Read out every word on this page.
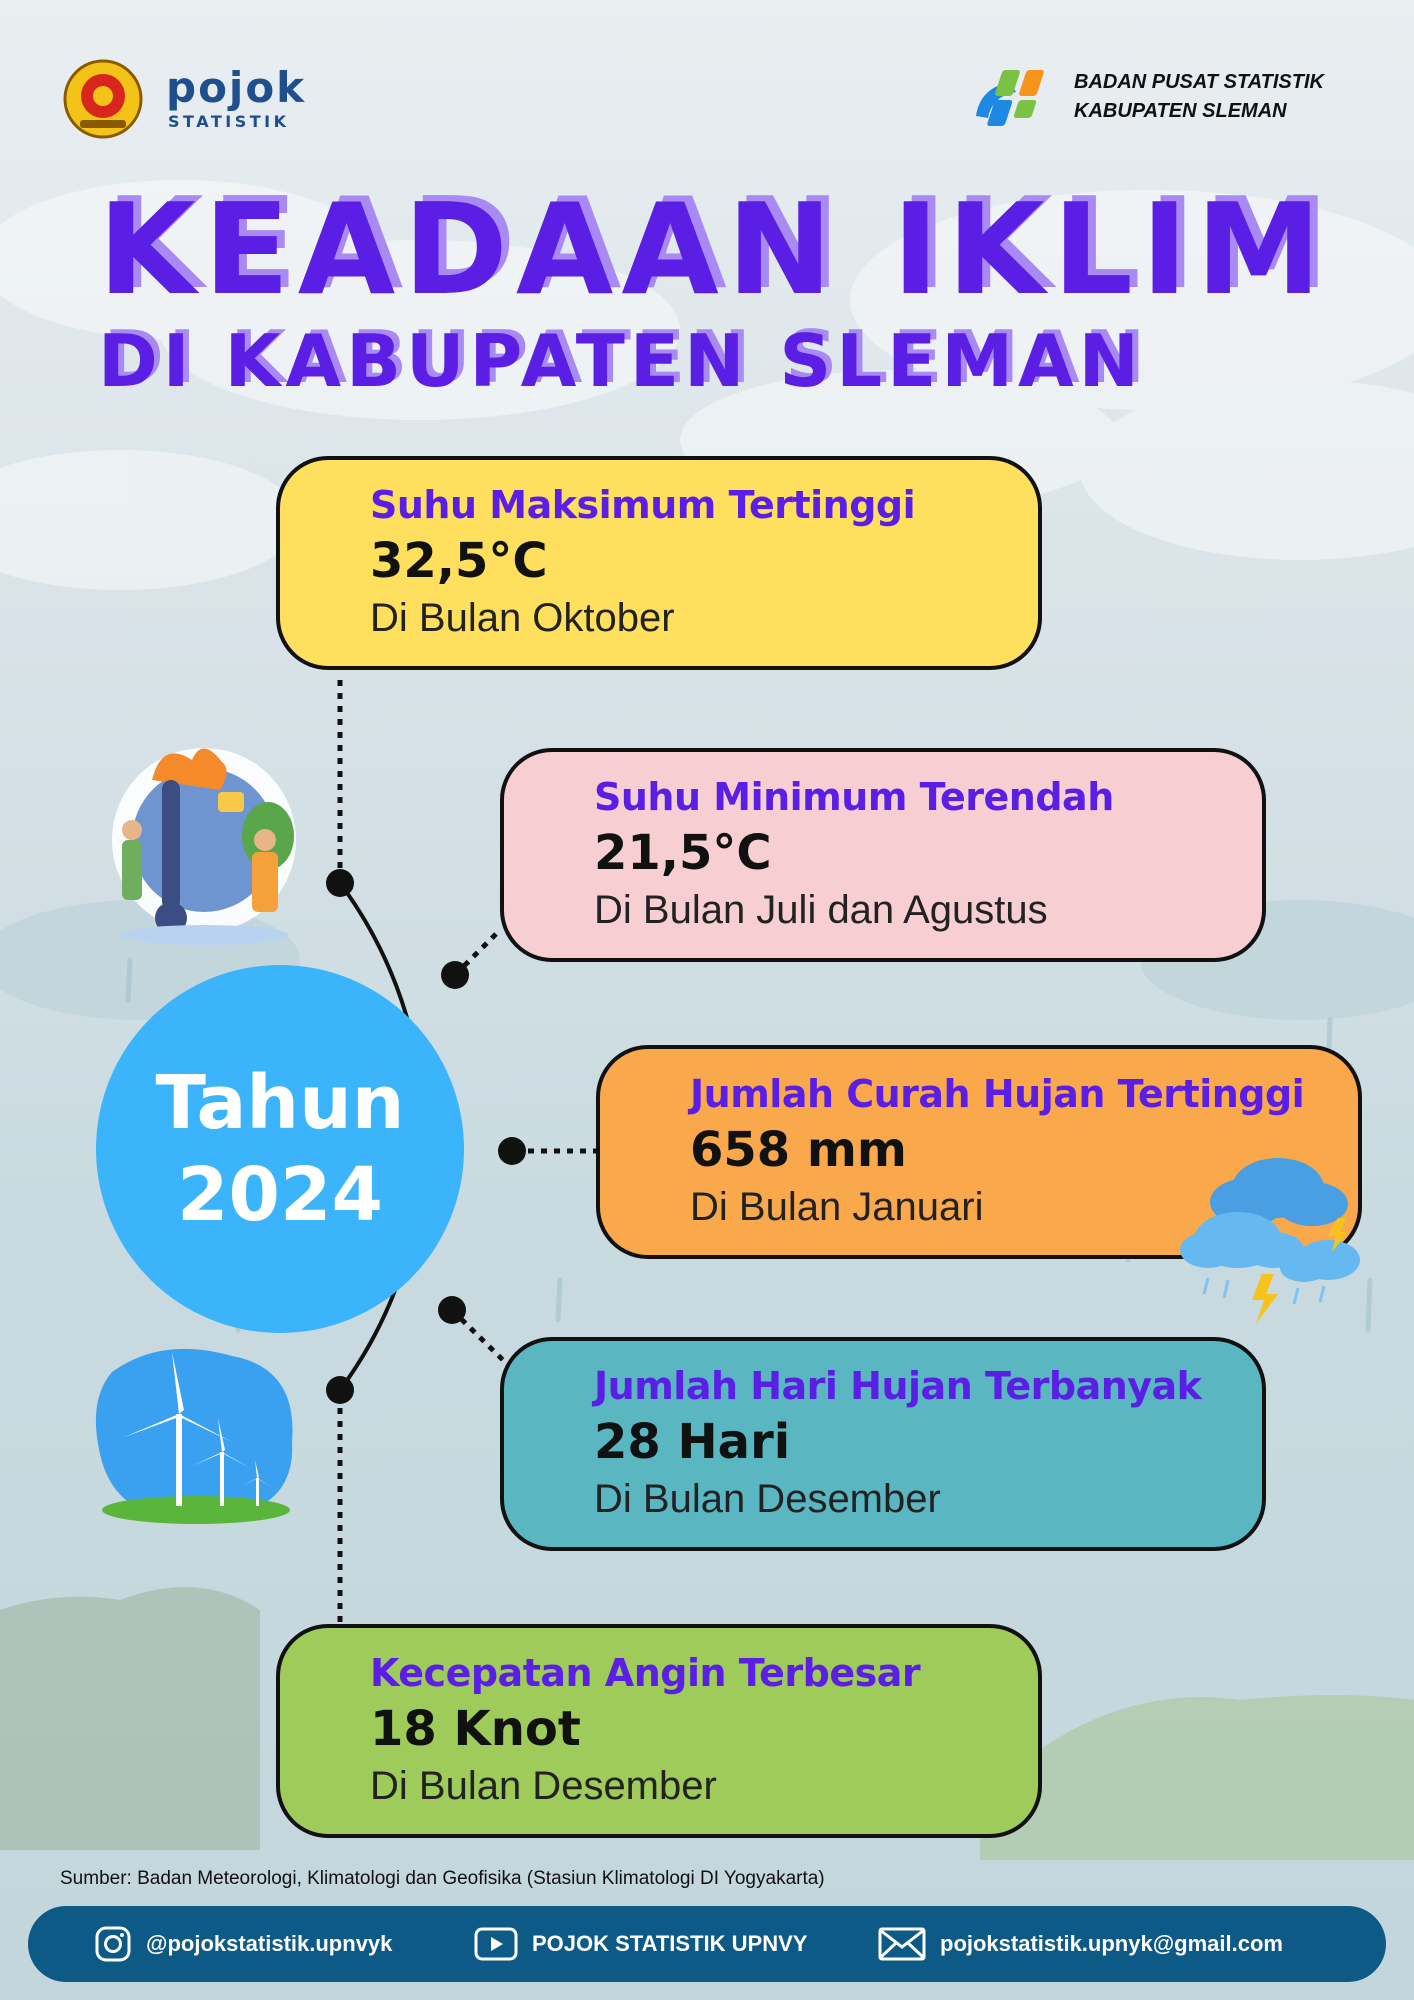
pojok
STATISTIK
BADAN PUSAT STATISTIK
KABUPATEN SLEMAN
KEADAAN IKLIM
DI KABUPATEN SLEMAN
Suhu Maksimum Tertinggi
32,5°C
Di Bulan Oktober
Suhu Minimum Terendah
21,5°C
Di Bulan Juli dan Agustus
Jumlah Curah Hujan Tertinggi
658 mm
Di Bulan Januari
Jumlah Hari Hujan Terbanyak
28 Hari
Di Bulan Desember
Kecepatan Angin Terbesar
18 Knot
Di Bulan Desember
Tahun
2024
Sumber: Badan Meteorologi, Klimatologi dan Geofisika (Stasiun Klimatologi DI Yogyakarta)
@pojokstatistik.upnvyk	POJOK STATISTIK UPNVY	pojokstatistik.upnyk@gmail.com
